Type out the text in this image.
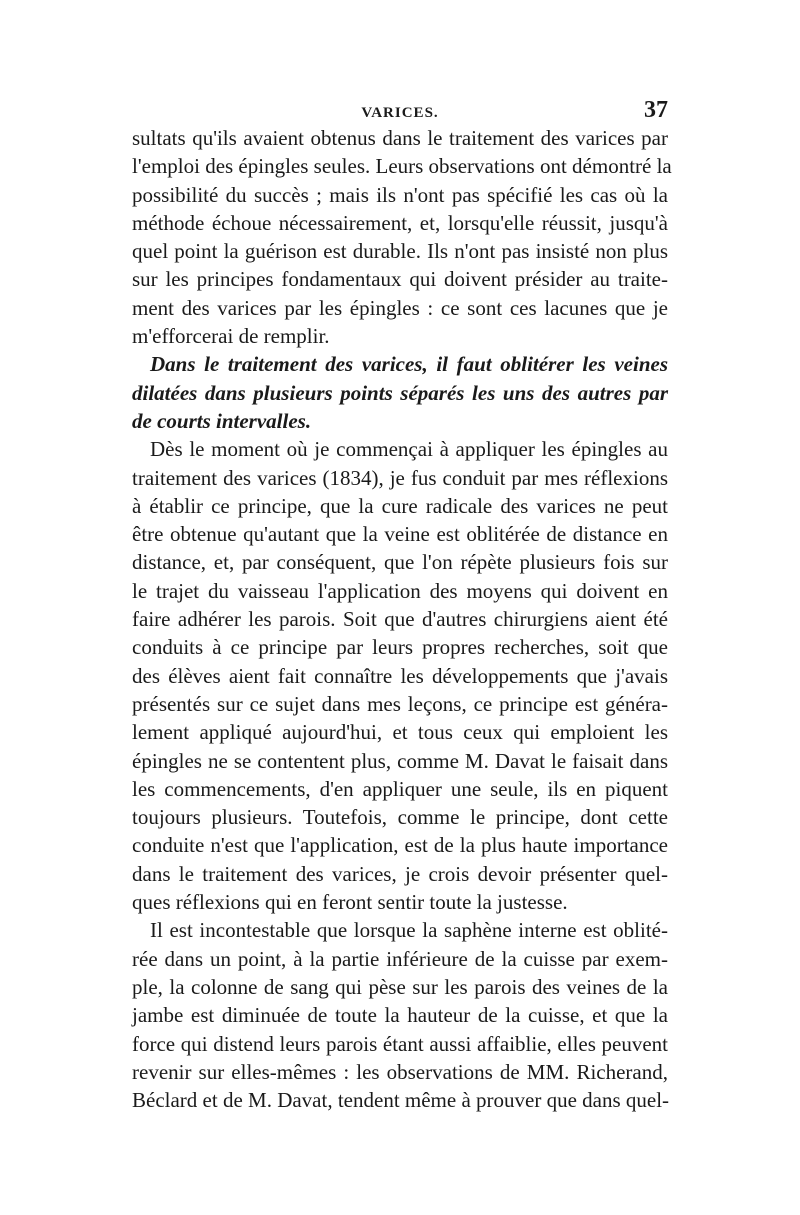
VARICES.	37
sultats qu'ils avaient obtenus dans le traitement des varices par
l'emploi des épingles seules. Leurs observations ont démontré la
possibilité du succès ; mais ils n'ont pas spécifié les cas où la
méthode échoue nécessairement, et, lorsqu'elle réussit, jusqu'à
quel point la guérison est durable. Ils n'ont pas insisté non plus
sur les principes fondamentaux qui doivent présider au traite-
ment des varices par les épingles : ce sont ces lacunes que je
m'efforcerai de remplir.
Dans le traitement des varices, il faut oblitérer les veines
dilatées dans plusieurs points séparés les uns des autres par
de courts intervalles.
Dès le moment où je commençai à appliquer les épingles au
traitement des varices (1834), je fus conduit par mes réflexions
à établir ce principe, que la cure radicale des varices ne peut
être obtenue qu'autant que la veine est oblitérée de distance en
distance, et, par conséquent, que l'on répète plusieurs fois sur
le trajet du vaisseau l'application des moyens qui doivent en
faire adhérer les parois. Soit que d'autres chirurgiens aient été
conduits à ce principe par leurs propres recherches, soit que
des élèves aient fait connaître les développements que j'avais
présentés sur ce sujet dans mes leçons, ce principe est généra-
lement appliqué aujourd'hui, et tous ceux qui emploient les
épingles ne se contentent plus, comme M. Davat le faisait dans
les commencements, d'en appliquer une seule, ils en piquent
toujours plusieurs. Toutefois, comme le principe, dont cette
conduite n'est que l'application, est de la plus haute importance
dans le traitement des varices, je crois devoir présenter quel-
ques réflexions qui en feront sentir toute la justesse.
Il est incontestable que lorsque la saphène interne est oblité-
rée dans un point, à la partie inférieure de la cuisse par exem-
ple, la colonne de sang qui pèse sur les parois des veines de la
jambe est diminuée de toute la hauteur de la cuisse, et que la
force qui distend leurs parois étant aussi affaiblie, elles peuvent
revenir sur elles-mêmes : les observations de MM. Richerand,
Béclard et de M. Davat, tendent même à prouver que dans quel-
